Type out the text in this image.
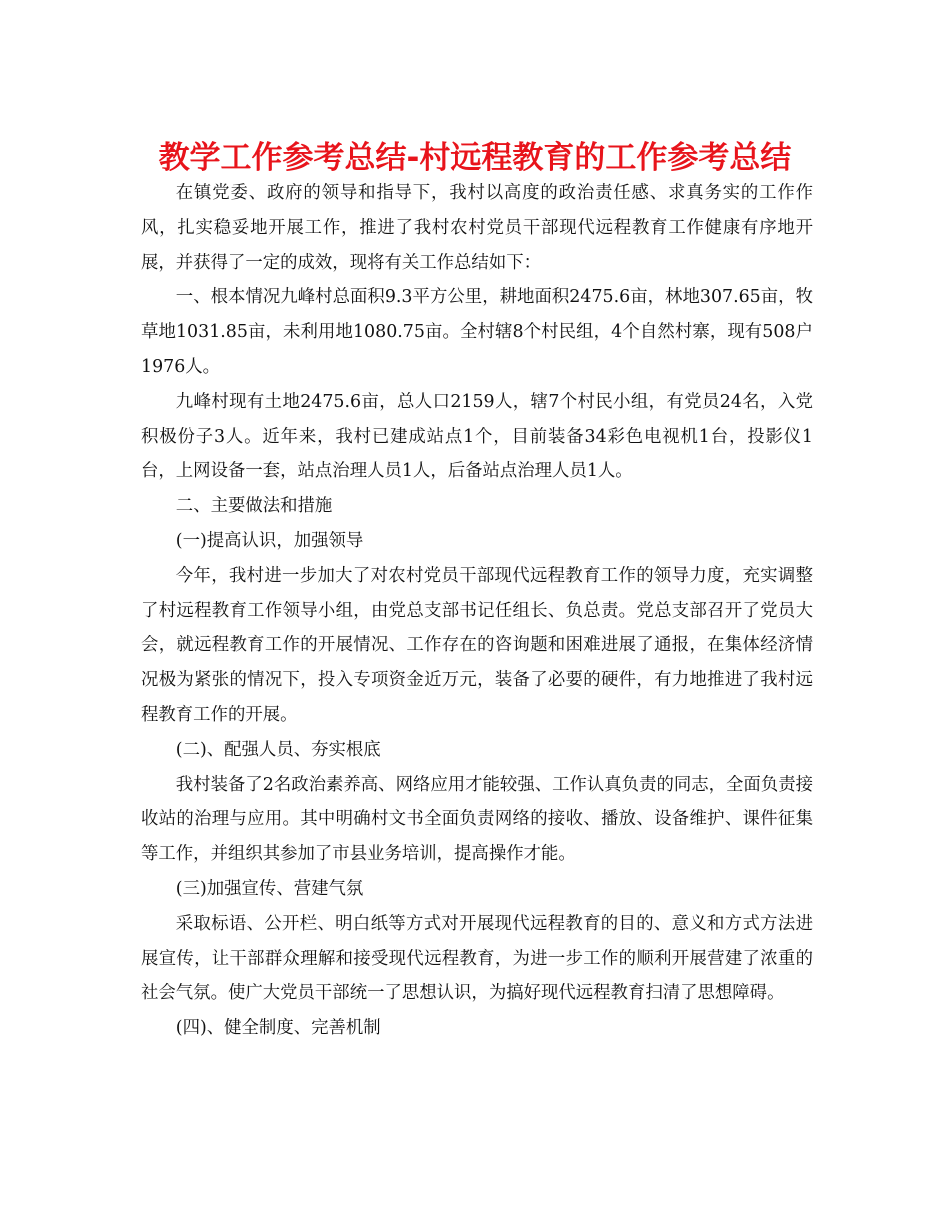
教学工作参考总结-村远程教育的工作参考总结

在镇党委、政府的领导和指导下，我村以高度的政治责任感、求真务实的工作作风，扎实稳妥地开展工作，推进了我村农村党员干部现代远程教育工作健康有序地开展，并获得了一定的成效，现将有关工作总结如下：

一、根本情况九峰村总面积9.3平方公里，耕地面积2475.6亩，林地307.65亩，牧草地1031.85亩，未利用地1080.75亩。全村辖8个村民组，4个自然村寨，现有508户1976人。

九峰村现有土地2475.6亩，总人口2159人，辖7个村民小组，有党员24名，入党积极份子3人。近年来，我村已建成站点1个，目前装备34彩色电视机1台，投影仪1台，上网设备一套，站点治理人员1人，后备站点治理人员1人。

二、主要做法和措施

(一)提高认识，加强领导

今年，我村进一步加大了对农村党员干部现代远程教育工作的领导力度，充实调整了村远程教育工作领导小组，由党总支部书记任组长、负总责。党总支部召开了党员大会，就远程教育工作的开展情况、工作存在的咨询题和困难进展了通报，在集体经济情况极为紧张的情况下，投入专项资金近万元，装备了必要的硬件，有力地推进了我村远程教育工作的开展。

(二)、配强人员、夯实根底

我村装备了2名政治素养高、网络应用才能较强、工作认真负责的同志，全面负责接收站的治理与应用。其中明确村文书全面负责网络的接收、播放、设备维护、课件征集等工作，并组织其参加了市县业务培训，提高操作才能。

(三)加强宣传、营建气氛

采取标语、公开栏、明白纸等方式对开展现代远程教育的目的、意义和方式方法进展宣传，让干部群众理解和接受现代远程教育，为进一步工作的顺利开展营建了浓重的社会气氛。使广大党员干部统一了思想认识，为搞好现代远程教育扫清了思想障碍。

(四)、健全制度、完善机制
